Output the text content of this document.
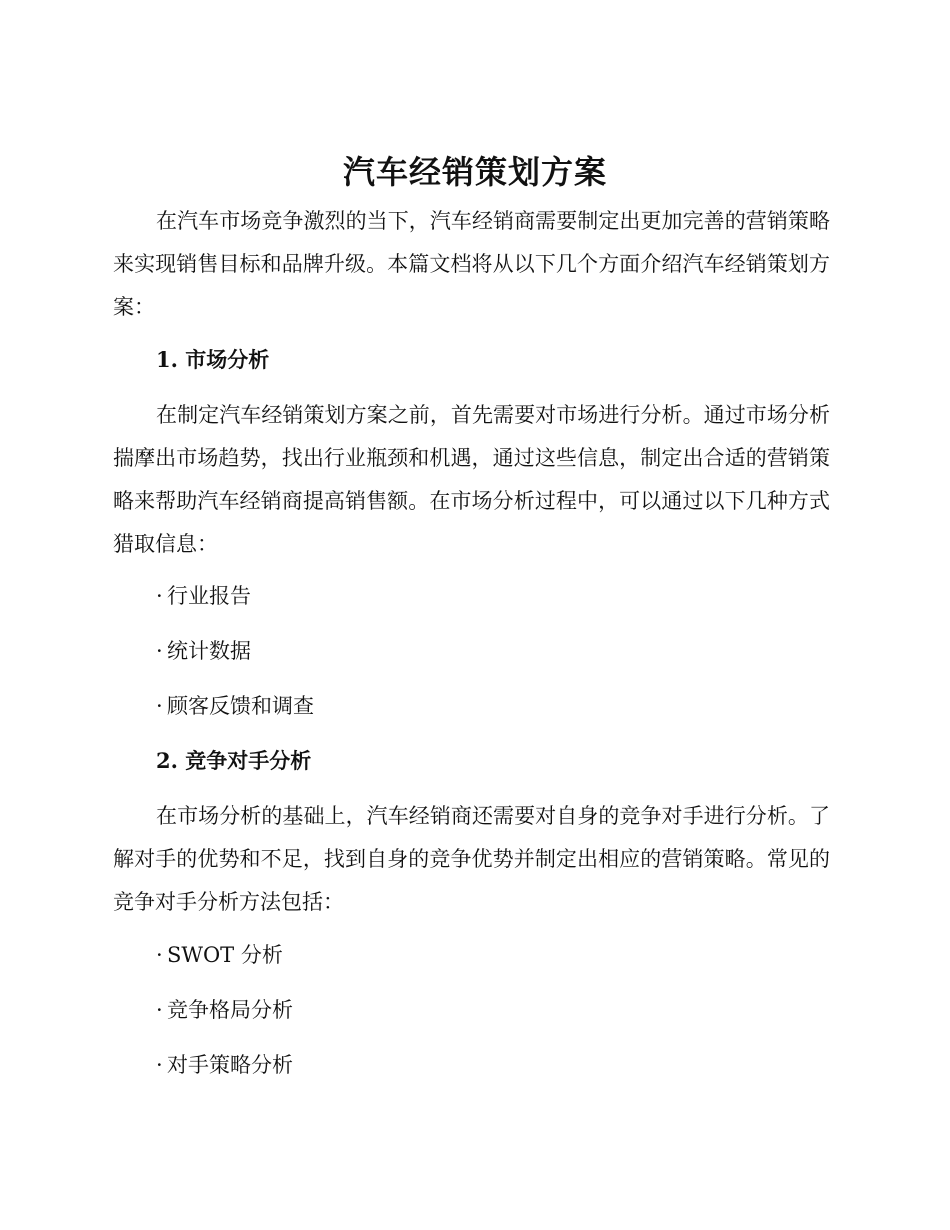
汽车经销策划方案

在汽车市场竞争激烈的当下，汽车经销商需要制定出更加完善的营销策略来实现销售目标和品牌升级。本篇文档将从以下几个方面介绍汽车经销策划方案：

1. 市场分析

在制定汽车经销策划方案之前，首先需要对市场进行分析。通过市场分析揣摩出市场趋势，找出行业瓶颈和机遇，通过这些信息，制定出合适的营销策略来帮助汽车经销商提高销售额。在市场分析过程中，可以通过以下几种方式猎取信息：

· 行业报告

· 统计数据

· 顾客反馈和调查

2. 竞争对手分析

在市场分析的基础上，汽车经销商还需要对自身的竞争对手进行分析。了解对手的优势和不足，找到自身的竞争优势并制定出相应的营销策略。常见的竞争对手分析方法包括：

· SWOT 分析

· 竞争格局分析

· 对手策略分析
